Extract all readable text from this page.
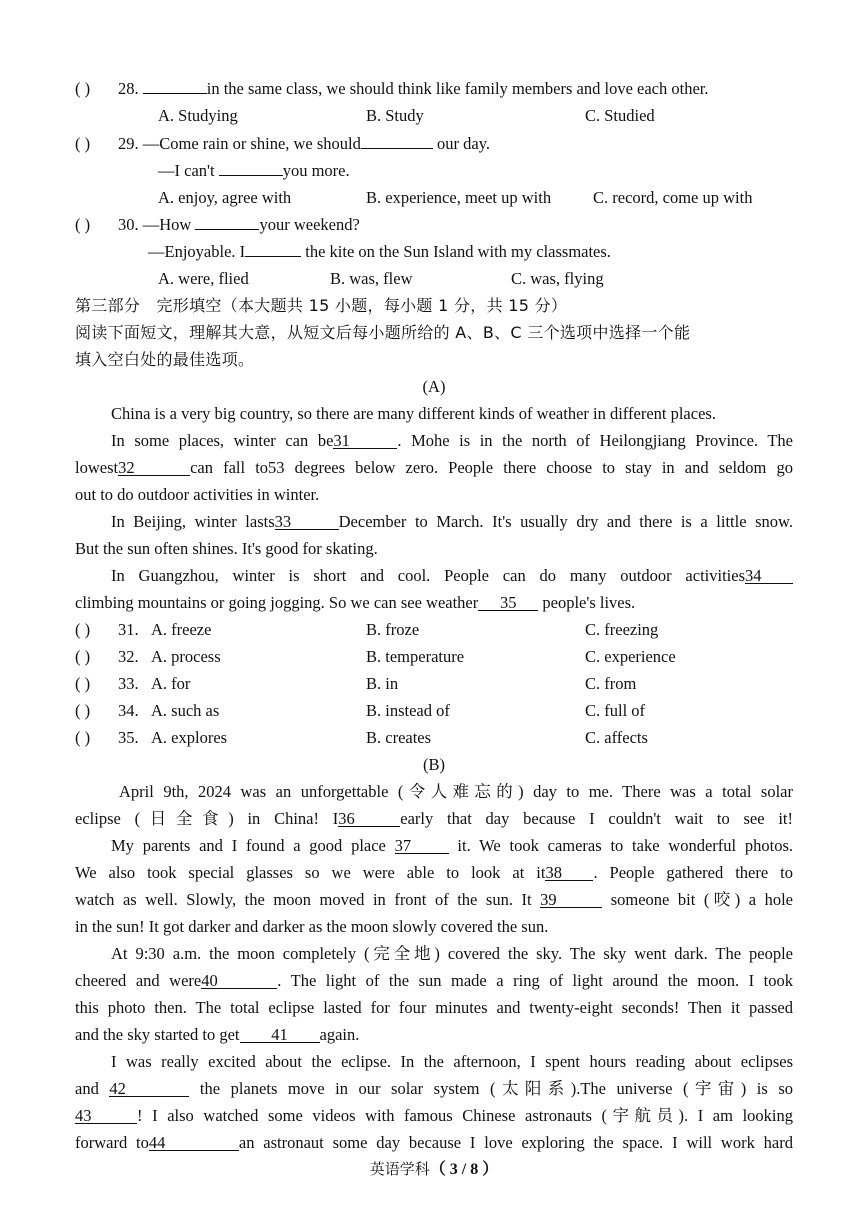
( ) 28.	in the same class, we should think like family members and love each other.
A. Studying	B. Study	C. Studied
( ) 29. —Come rain or shine, we should	our day.
—I can't	you more.
A. enjoy, agree with	B. experience, meet up with	C. record, come up with
( ) 30. —How	your weekend?
—Enjoyable. I	the kite on the Sun Island with my classmates.
A. were, flied	B. was, flew	C. was, flying
第三部分　完形填空（本大题共 15 小题，每小题 1 分，共 15 分）
阅读下面短文，理解其大意，从短文后每小题所给的 A、B、C 三个选项中选择一个能
填入空白处的最佳选项。
(A)
China is a very big country, so there are many different kinds of weather in different places.
In some places, winter can be31	. Mohe is in the north of Heilongjiang Province. The
lowest32	can fall to53 degrees below zero. People there choose to stay in and seldom go
out to do outdoor activities in winter.
In Beijing, winter lasts33	December to March. It's usually dry and there is a little snow.
But the sun often shines. It's good for skating.
In Guangzhou, winter is short and cool. People can do many outdoor activities34
climbing mountains or going jogging. So we can see weather 35 people's lives.
( ) 31. A. freeze	B. froze	C. freezing
( ) 32. A. process	B. temperature	C. experience
( ) 33. A. for	B. in	C. from
( ) 34. A. such as	B. instead of	C. full of
( ) 35. A. explores	B. creates	C. affects
(B)
April 9th, 2024 was an unforgettable (令人难忘的) day to me. There was a total solar
eclipse (日全食) in China! I36	early that day because I couldn't wait to see it!
My parents and I found a good place 37 it. We took cameras to take wonderful photos.
We also took special glasses so we were able to look at it38 . People gathered there to
watch as well. Slowly, the moon moved in front of the sun. It 39	someone bit (咬) a hole
in the sun! It got darker and darker as the moon slowly covered the sun.
At 9:30 a.m. the moon completely (完全地) covered the sky. The sky went dark. The people
cheered and were40	. The light of the sun made a ring of light around the moon. I took
this photo then. The total eclipse lasted for four minutes and twenty-eight seconds! Then it passed
and the sky started to get 41 again.
I was really excited about the eclipse. In the afternoon, I spent hours reading about eclipses
and 42	the planets move in our solar system (太阳系).The universe (宇宙) is so
43	! I also watched some videos with famous Chinese astronauts (宇航员). I am looking
forward to44	an astronaut some day because I love exploring the space. I will work hard
英语学科（ 3 / 8 ）
